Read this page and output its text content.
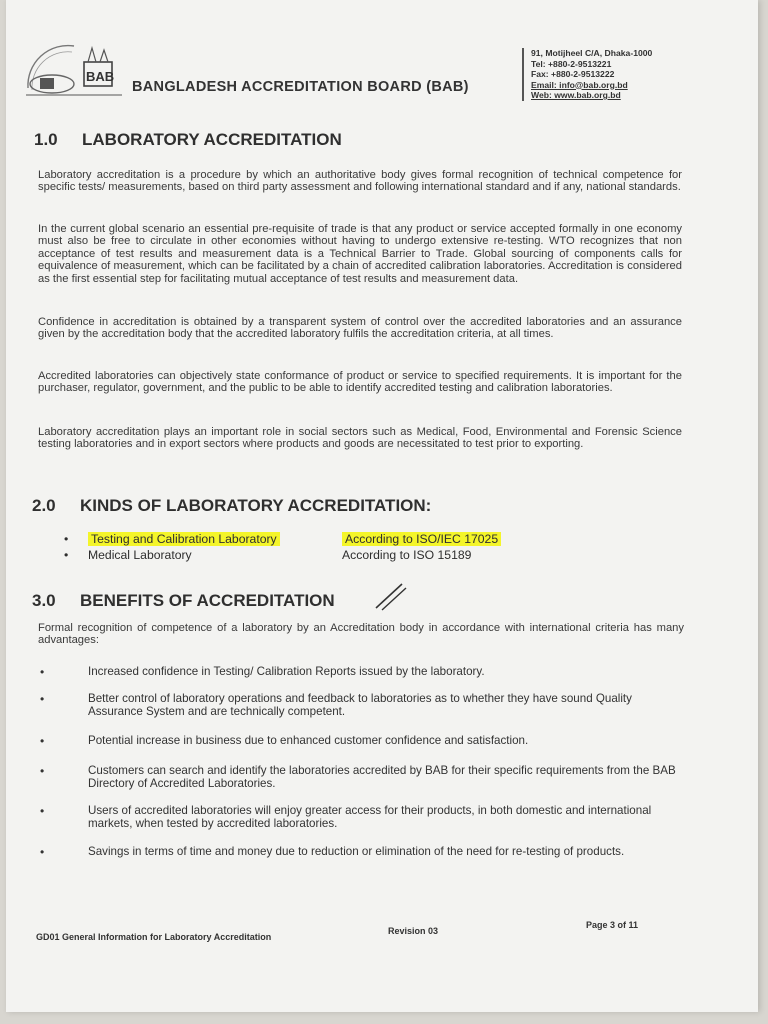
BAB
BANGLADESH ACCREDITATION BOARD (BAB)
91, Motijheel C/A, Dhaka-1000
Tel: +880-2-9513221
Fax: +880-2-9513222
Email: info@bab.org.bd
Web: www.bab.org.bd
1.0 LABORATORY ACCREDITATION
Laboratory accreditation is a procedure by which an authoritative body gives formal recognition of technical competence for specific tests/ measurements, based on third party assessment and following international standard and if any, national standards.
In the current global scenario an essential pre-requisite of trade is that any product or service accepted formally in one economy must also be free to circulate in other economies without having to undergo extensive re-testing. WTO recognizes that non acceptance of test results and measurement data is a Technical Barrier to Trade. Global sourcing of components calls for equivalence of measurement, which can be facilitated by a chain of accredited calibration laboratories. Accreditation is considered as the first essential step for facilitating mutual acceptance of test results and measurement data.
Confidence in accreditation is obtained by a transparent system of control over the accredited laboratories and an assurance given by the accreditation body that the accredited laboratory fulfils the accreditation criteria, at all times.
Accredited laboratories can objectively state conformance of product or service to specified requirements. It is important for the purchaser, regulator, government, and the public to be able to identify accredited testing and calibration laboratories.
Laboratory accreditation plays an important role in social sectors such as Medical, Food, Environmental and Forensic Science testing laboratories and in export sectors where products and goods are necessitated to test prior to exporting.
2.0 KINDS OF LABORATORY ACCREDITATION:
• Testing and Calibration Laboratory	According to ISO/IEC 17025
• Medical Laboratory	According to ISO 15189
3.0 BENEFITS OF ACCREDITATION
Formal recognition of competence of a laboratory by an Accreditation body in accordance with international criteria has many advantages:
•	Increased confidence in Testing/ Calibration Reports issued by the laboratory.
•	Better control of laboratory operations and feedback to laboratories as to whether they have sound Quality Assurance System and are technically competent.
•	Potential increase in business due to enhanced customer confidence and satisfaction.
•	Customers can search and identify the laboratories accredited by BAB for their specific requirements from the BAB Directory of Accredited Laboratories.
•	Users of accredited laboratories will enjoy greater access for their products, in both domestic and international markets, when tested by accredited laboratories.
•	Savings in terms of time and money due to reduction or elimination of the need for re-testing of products.
GD01 General Information for Laboratory Accreditation
Revision 03
Page 3 of 11
